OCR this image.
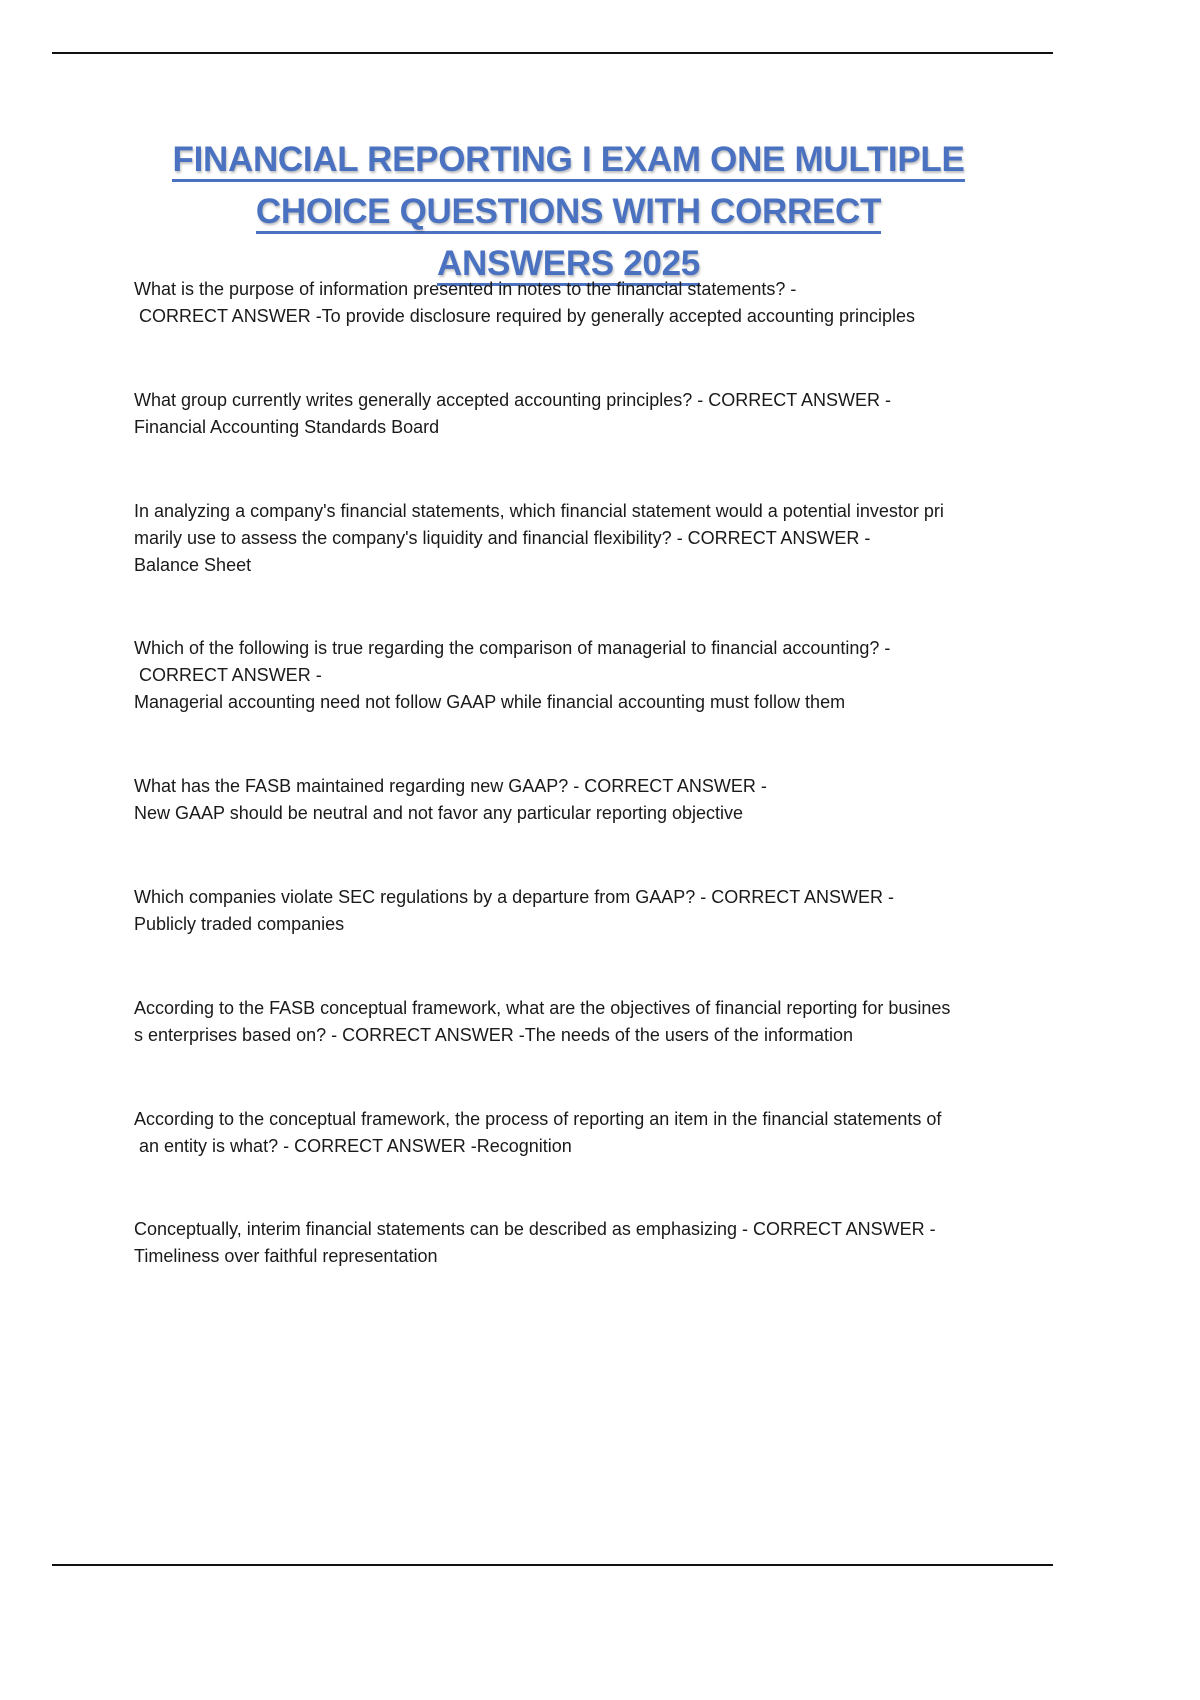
FINANCIAL REPORTING I EXAM ONE MULTIPLE
CHOICE QUESTIONS WITH CORRECT
ANSWERS 2025
What is the purpose of information presented in notes to the financial statements? -
CORRECT ANSWER -To provide disclosure required by generally accepted accounting principles
What group currently writes generally accepted accounting principles? - CORRECT ANSWER -
Financial Accounting Standards Board
In analyzing a company's financial statements, which financial statement would a potential investor pri
marily use to assess the company's liquidity and financial flexibility? - CORRECT ANSWER -
Balance Sheet
Which of the following is true regarding the comparison of managerial to financial accounting? -
CORRECT ANSWER -
Managerial accounting need not follow GAAP while financial accounting must follow them
What has the FASB maintained regarding new GAAP? - CORRECT ANSWER -
New GAAP should be neutral and not favor any particular reporting objective
Which companies violate SEC regulations by a departure from GAAP? - CORRECT ANSWER -
Publicly traded companies
According to the FASB conceptual framework, what are the objectives of financial reporting for busines
s enterprises based on? - CORRECT ANSWER -The needs of the users of the information
According to the conceptual framework, the process of reporting an item in the financial statements of
an entity is what? - CORRECT ANSWER -Recognition
Conceptually, interim financial statements can be described as emphasizing - CORRECT ANSWER -
Timeliness over faithful representation
